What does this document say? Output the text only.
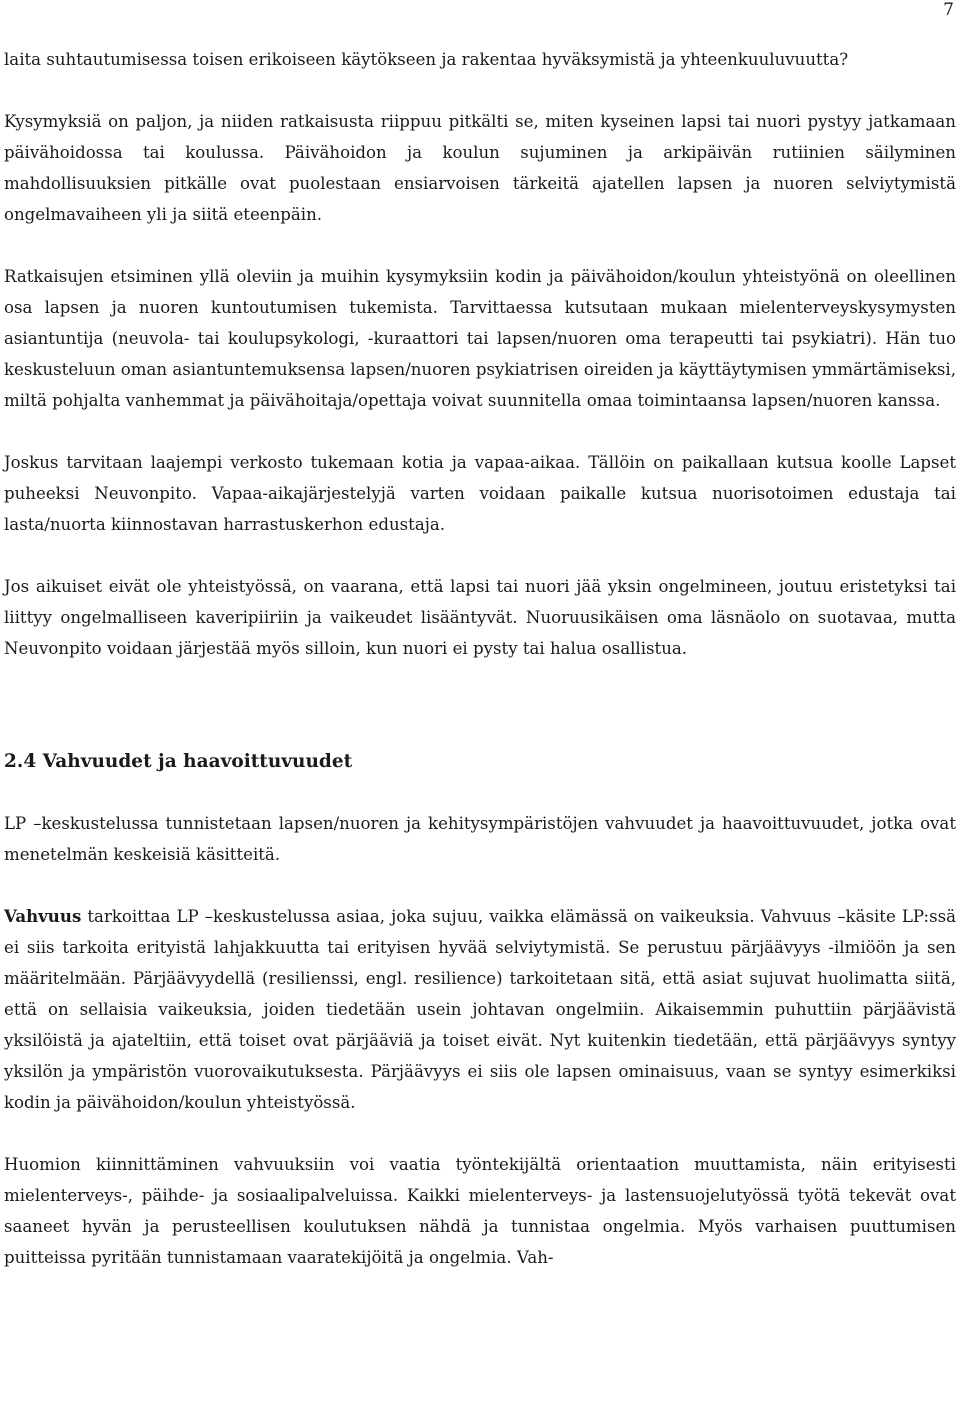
7

laita suhtautumisessa toisen erikoiseen käytökseen ja rakentaa hyväksymistä ja yhteenkuuluvuutta?

Kysymyksiä on paljon, ja niiden ratkaisusta riippuu pitkälti se, miten kyseinen lapsi tai nuori pystyy jatkamaan päivähoidossa tai koulussa. Päivähoidon ja koulun sujuminen ja arkipäivän rutiinien säilyminen mahdollisuuksien pitkälle ovat puolestaan ensiarvoisen tärkeitä ajatellen lapsen ja nuoren selviytymistä ongelmavaiheen yli ja siitä eteenpäin.

Ratkaisujen etsiminen yllä oleviin ja muihin kysymyksiin kodin ja päivähoidon/koulun yhteistyönä on oleellinen osa lapsen ja nuoren kuntoutumisen tukemista. Tarvittaessa kutsutaan mukaan mielenterveyskysymysten asiantuntija (neuvola- tai koulupsykologi, -kuraattori tai lapsen/nuoren oma terapeutti tai psykiatri). Hän tuo keskusteluun oman asiantuntemuksensa lapsen/nuoren psykiatrisen oireiden ja käyttäytymisen ymmärtämiseksi, miltä pohjalta vanhemmat ja päivähoitaja/opettaja voivat suunnitella omaa toimintaansa lapsen/nuoren kanssa.

Joskus tarvitaan laajempi verkosto tukemaan kotia ja vapaa-aikaa. Tällöin on paikallaan kutsua koolle Lapset puheeksi Neuvonpito. Vapaa-aikajärjestelyjä varten voidaan paikalle kutsua nuorisotoimen edustaja tai lasta/nuorta kiinnostavan harrastuskerhon edustaja.

Jos aikuiset eivät ole yhteistyössä, on vaarana, että lapsi tai nuori jää yksin ongelmineen, joutuu eristetyksi tai liittyy ongelmalliseen kaveripiiriin ja vaikeudet lisääntyvät. Nuoruusikäisen oma läsnäolo on suotavaa, mutta Neuvonpito voidaan järjestää myös silloin, kun nuori ei pysty tai halua osallistua.

2.4 Vahvuudet ja haavoittuvuudet

LP –keskustelussa tunnistetaan lapsen/nuoren ja kehitysympäristöjen vahvuudet ja haavoittuvuudet, jotka ovat menetelmän keskeisiä käsitteitä.

Vahvuus tarkoittaa LP –keskustelussa asiaa, joka sujuu, vaikka elämässä on vaikeuksia. Vahvuus –käsite LP:ssä ei siis tarkoita erityistä lahjakkuutta tai erityisen hyvää selviytymistä. Se perustuu pärjäävyys -ilmiöön ja sen määritelmään. Pärjäävyydellä (resilienssi, engl. resilience) tarkoitetaan sitä, että asiat sujuvat huolimatta siitä, että on sellaisia vaikeuksia, joiden tiedetään usein johtavan ongelmiin. Aikaisemmin puhuttiin pärjäävistä yksilöistä ja ajateltiin, että toiset ovat pärjääviä ja toiset eivät. Nyt kuitenkin tiedetään, että pärjäävyys syntyy yksilön ja ympäristön vuorovaikutuksesta. Pärjäävyys ei siis ole lapsen ominaisuus, vaan se syntyy esimerkiksi kodin ja päivähoidon/koulun yhteistyössä.

Huomion kiinnittäminen vahvuuksiin voi vaatia työntekijältä orientaation muuttamista, näin erityisesti mielenterveys-, päihde- ja sosiaalipalveluissa. Kaikki mielenterveys- ja lastensuojelutyössä työtä tekevät ovat saaneet hyvän ja perusteellisen koulutuksen nähdä ja tunnistaa ongelmia. Myös varhaisen puuttumisen puitteissa pyritään tunnistamaan vaaratekijöitä ja ongelmia. Vah-
